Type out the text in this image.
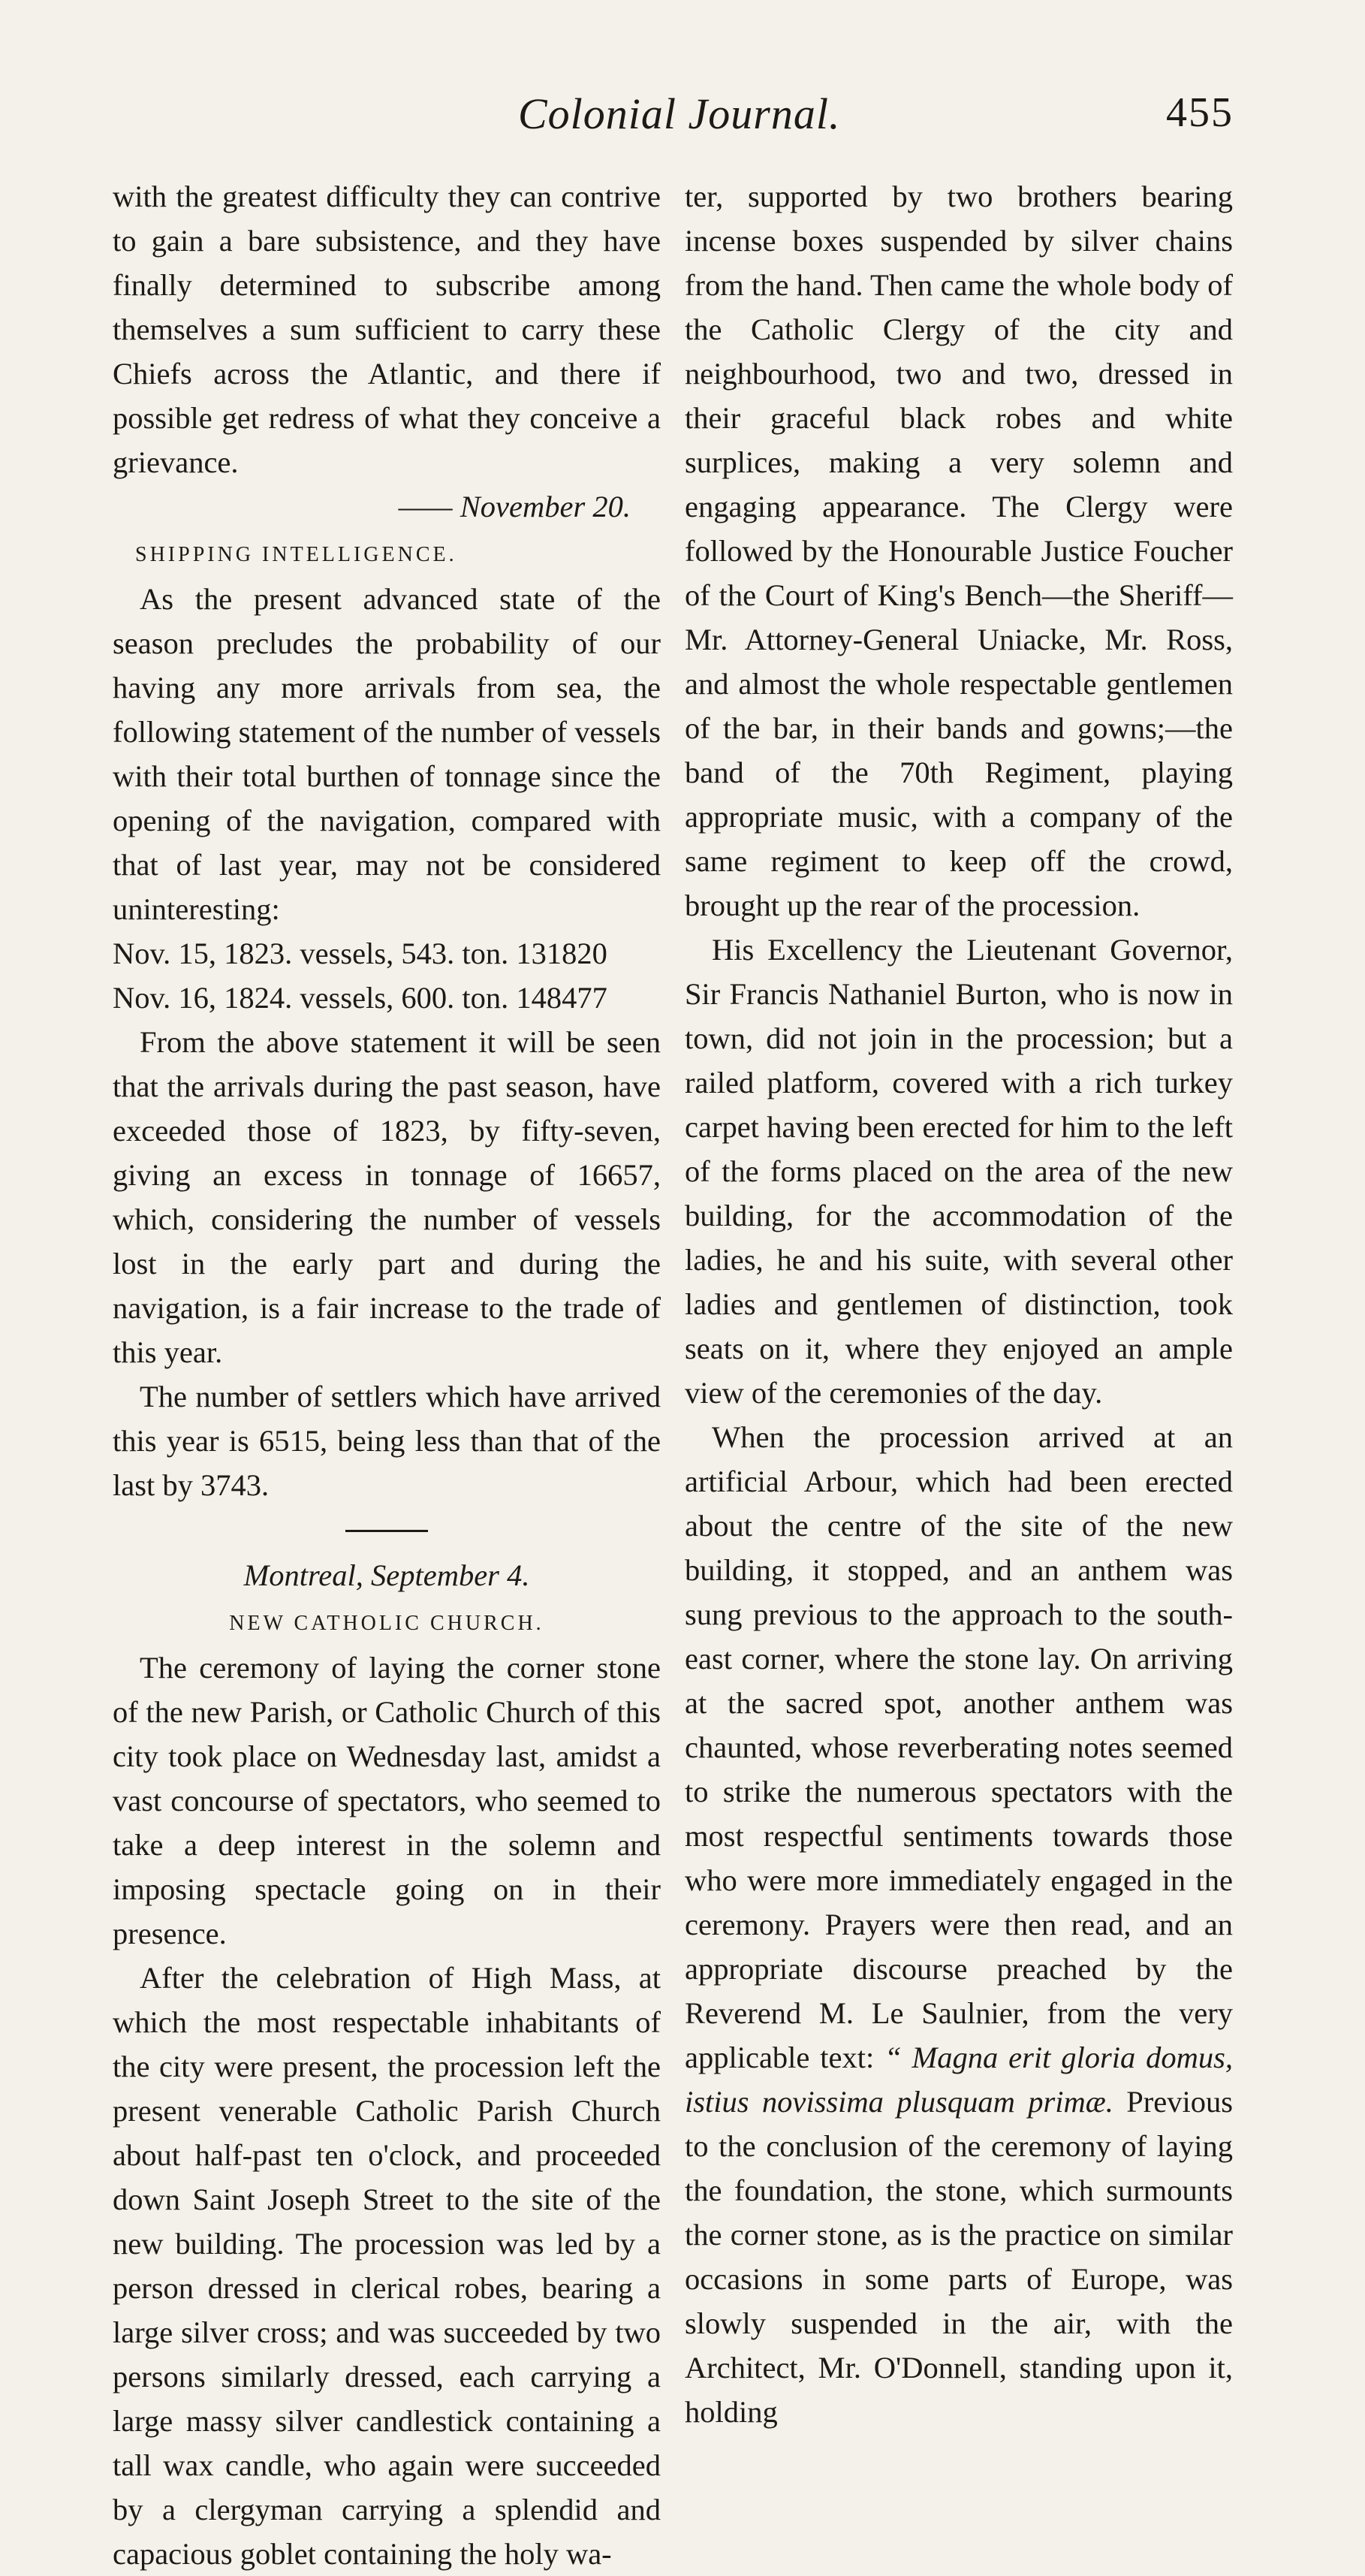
Colonial Journal.	455

with the greatest difficulty they can contrive to gain a bare subsistence, and they have finally determined to subscribe among themselves a sum sufficient to carry these Chiefs across the Atlantic, and there if possible get redress of what they conceive a grievance.

—— November 20.

SHIPPING INTELLIGENCE.

As the present advanced state of the season precludes the probability of our having any more arrivals from sea, the following statement of the number of vessels with their total burthen of tonnage since the opening of the navigation, compared with that of last year, may not be considered uninteresting:

Nov. 15, 1823. vessels, 543. ton. 131820

Nov. 16, 1824. vessels, 600. ton. 148477

From the above statement it will be seen that the arrivals during the past season, have exceeded those of 1823, by fifty-seven, giving an excess in tonnage of 16657, which, considering the number of vessels lost in the early part and during the navigation, is a fair increase to the trade of this year.

The number of settlers which have arrived this year is 6515, being less than that of the last by 3743.

Montreal, September 4.

NEW CATHOLIC CHURCH.

The ceremony of laying the corner stone of the new Parish, or Catholic Church of this city took place on Wednesday last, amidst a vast concourse of spectators, who seemed to take a deep interest in the solemn and imposing spectacle going on in their presence.

After the celebration of High Mass, at which the most respectable inhabitants of the city were present, the procession left the present venerable Catholic Parish Church about half-past ten o'clock, and proceeded down Saint Joseph Street to the site of the new building. The procession was led by a person dressed in clerical robes, bearing a large silver cross; and was succeeded by two persons similarly dressed, each carrying a large massy silver candlestick containing a tall wax candle, who again were succeeded by a clergyman carrying a splendid and capacious goblet containing the holy wa-

ter, supported by two brothers bearing incense boxes suspended by silver chains from the hand. Then came the whole body of the Catholic Clergy of the city and neighbourhood, two and two, dressed in their graceful black robes and white surplices, making a very solemn and engaging appearance. The Clergy were followed by the Honourable Justice Foucher of the Court of King's Bench—the Sheriff—Mr. Attorney-General Uniacke, Mr. Ross, and almost the whole respectable gentlemen of the bar, in their bands and gowns;—the band of the 70th Regiment, playing appropriate music, with a company of the same regiment to keep off the crowd, brought up the rear of the procession.

His Excellency the Lieutenant Governor, Sir Francis Nathaniel Burton, who is now in town, did not join in the procession; but a railed platform, covered with a rich turkey carpet having been erected for him to the left of the forms placed on the area of the new building, for the accommodation of the ladies, he and his suite, with several other ladies and gentlemen of distinction, took seats on it, where they enjoyed an ample view of the ceremonies of the day.

When the procession arrived at an artificial Arbour, which had been erected about the centre of the site of the new building, it stopped, and an anthem was sung previous to the approach to the south-east corner, where the stone lay. On arriving at the sacred spot, another anthem was chaunted, whose reverberating notes seemed to strike the numerous spectators with the most respectful sentiments towards those who were more immediately engaged in the ceremony. Prayers were then read, and an appropriate discourse preached by the Reverend M. Le Saulnier, from the very applicable text: “ Magna erit gloria domus, istius novissima plusquam primæ. Previous to the conclusion of the ceremony of laying the foundation, the stone, which surmounts the corner stone, as is the practice on similar occasions in some parts of Europe, was slowly suspended in the air, with the Architect, Mr. O'Donnell, standing upon it, holding
